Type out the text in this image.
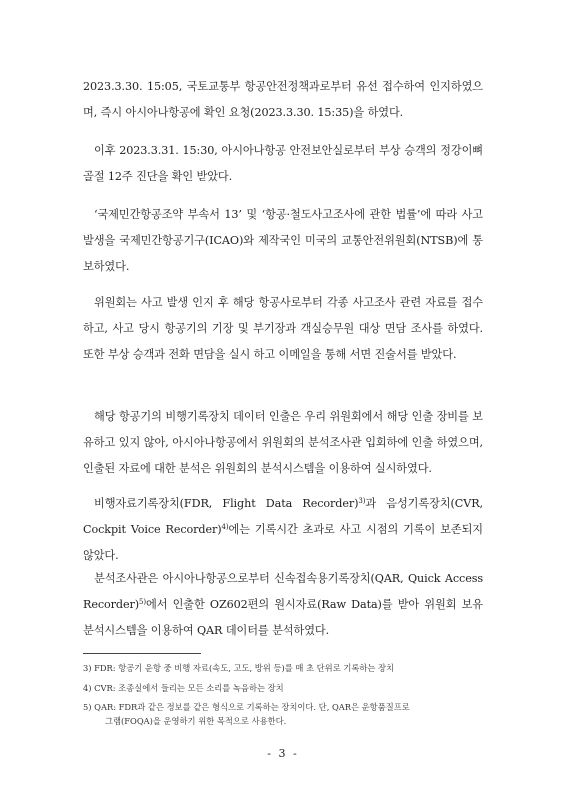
2023.3.30. 15:05, 국토교통부 항공안전정책과로부터 유선 접수하여 인지하였으며, 즉시 아시아나항공에 확인 요청(2023.3.30. 15:35)을 하였다.

이후 2023.3.31. 15:30, 아시아나항공 안전보안실로부터 부상 승객의 정강이뼈 골절 12주 진단을 확인 받았다.

‘국제민간항공조약 부속서 13’ 및 ‘항공·철도사고조사에 관한 법률’에 따라 사고 발생을 국제민간항공기구(ICAO)와 제작국인 미국의 교통안전위원회(NTSB)에 통보하였다.

위원회는 사고 발생 인지 후 해당 항공사로부터 각종 사고조사 관련 자료를 접수하고, 사고 당시 항공기의 기장 및 부기장과 객실승무원 대상 면담 조사를 하였다. 또한 부상 승객과 전화 면담을 실시 하고 이메일을 통해 서면 진술서를 받았다.

해당 항공기의 비행기록장치 데이터 인출은 우리 위원회에서 해당 인출 장비를 보유하고 있지 않아, 아시아나항공에서 위원회의 분석조사관 입회하에 인출 하였으며, 인출된 자료에 대한 분석은 위원회의 분석시스템을 이용하여 실시하였다.

비행자료기록장치(FDR, Flight Data Recorder)$^{3)}$과 음성기록장치(CVR, Cockpit Voice Recorder)$^{4)}$에는 기록시간 초과로 사고 시점의 기록이 보존되지 않았다.

분석조사관은 아시아나항공으로부터 신속접속용기록장치(QAR, Quick Access Recorder)$^{5)}$에서 인출한 OZ602편의 원시자료(Raw Data)를 받아 위원회 보유 분석시스템을 이용하여 QAR 데이터를 분석하였다.

3) FDR: 항공기 운항 중 비행 자료(속도, 고도, 방위 등)를 매 초 단위로 기록하는 장치

4) CVR: 조종실에서 들리는 모든 소리를 녹음하는 장치

5) QAR: FDR과 같은 정보를 같은 형식으로 기록하는 장치이다. 단, QAR은 운항품질프로
그램(FOQA)을 운영하기 위한 목적으로 사용한다.
- 3 -
